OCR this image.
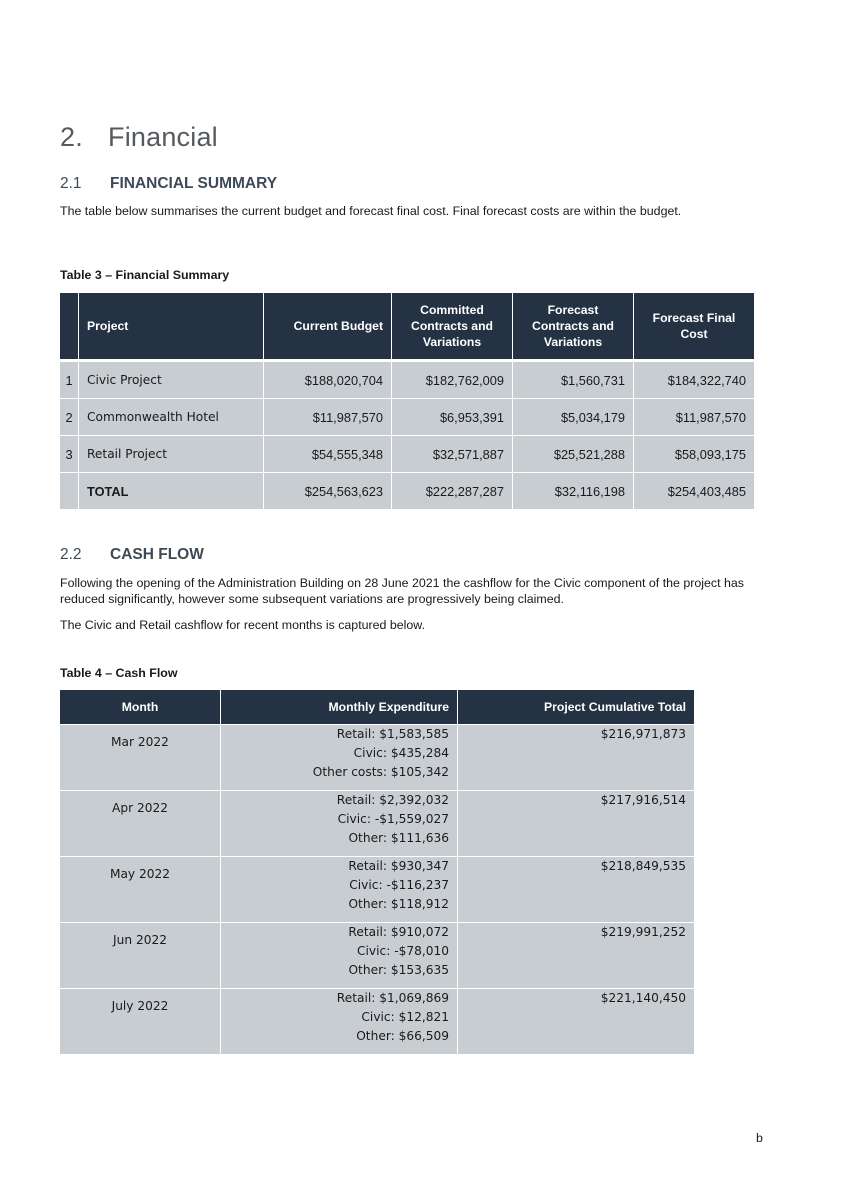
2. Financial
2.1 FINANCIAL SUMMARY

The table below summarises the current budget and forecast final cost. Final forecast costs are within the budget.

Table 3 – Financial Summary

	Project	Current Budget	Committed Contracts and Variations	Forecast Contracts and Variations	Forecast Final Cost
1	Civic Project	$188,020,704	$182,762,009	$1,560,731	$184,322,740
2	Commonwealth Hotel	$11,987,570	$6,953,391	$5,034,179	$11,987,570
3	Retail Project	$54,555,348	$32,571,887	$25,521,288	$58,093,175
	TOTAL	$254,563,623	$222,287,287	$32,116,198	$254,403,485
2.2 CASH FLOW

Following the opening of the Administration Building on 28 June 2021 the cashflow for the Civic component of the project has reduced significantly, however some subsequent variations are progressively being claimed.

The Civic and Retail cashflow for recent months is captured below.

Table 4 – Cash Flow

Month	Monthly Expenditure	Project Cumulative Total
Mar 2022	Retail: $1,583,585
Civic: $435,284
Other costs: $105,342	$216,971,873
Apr 2022	Retail: $2,392,032
Civic: -$1,559,027
Other: $111,636	$217,916,514
May 2022	Retail: $930,347
Civic: -$116,237
Other: $118,912	$218,849,535
Jun 2022	Retail: $910,072
Civic: -$78,010
Other: $153,635	$219,991,252
July 2022	Retail: $1,069,869
Civic: $12,821
Other: $66,509	$221,140,450

b
